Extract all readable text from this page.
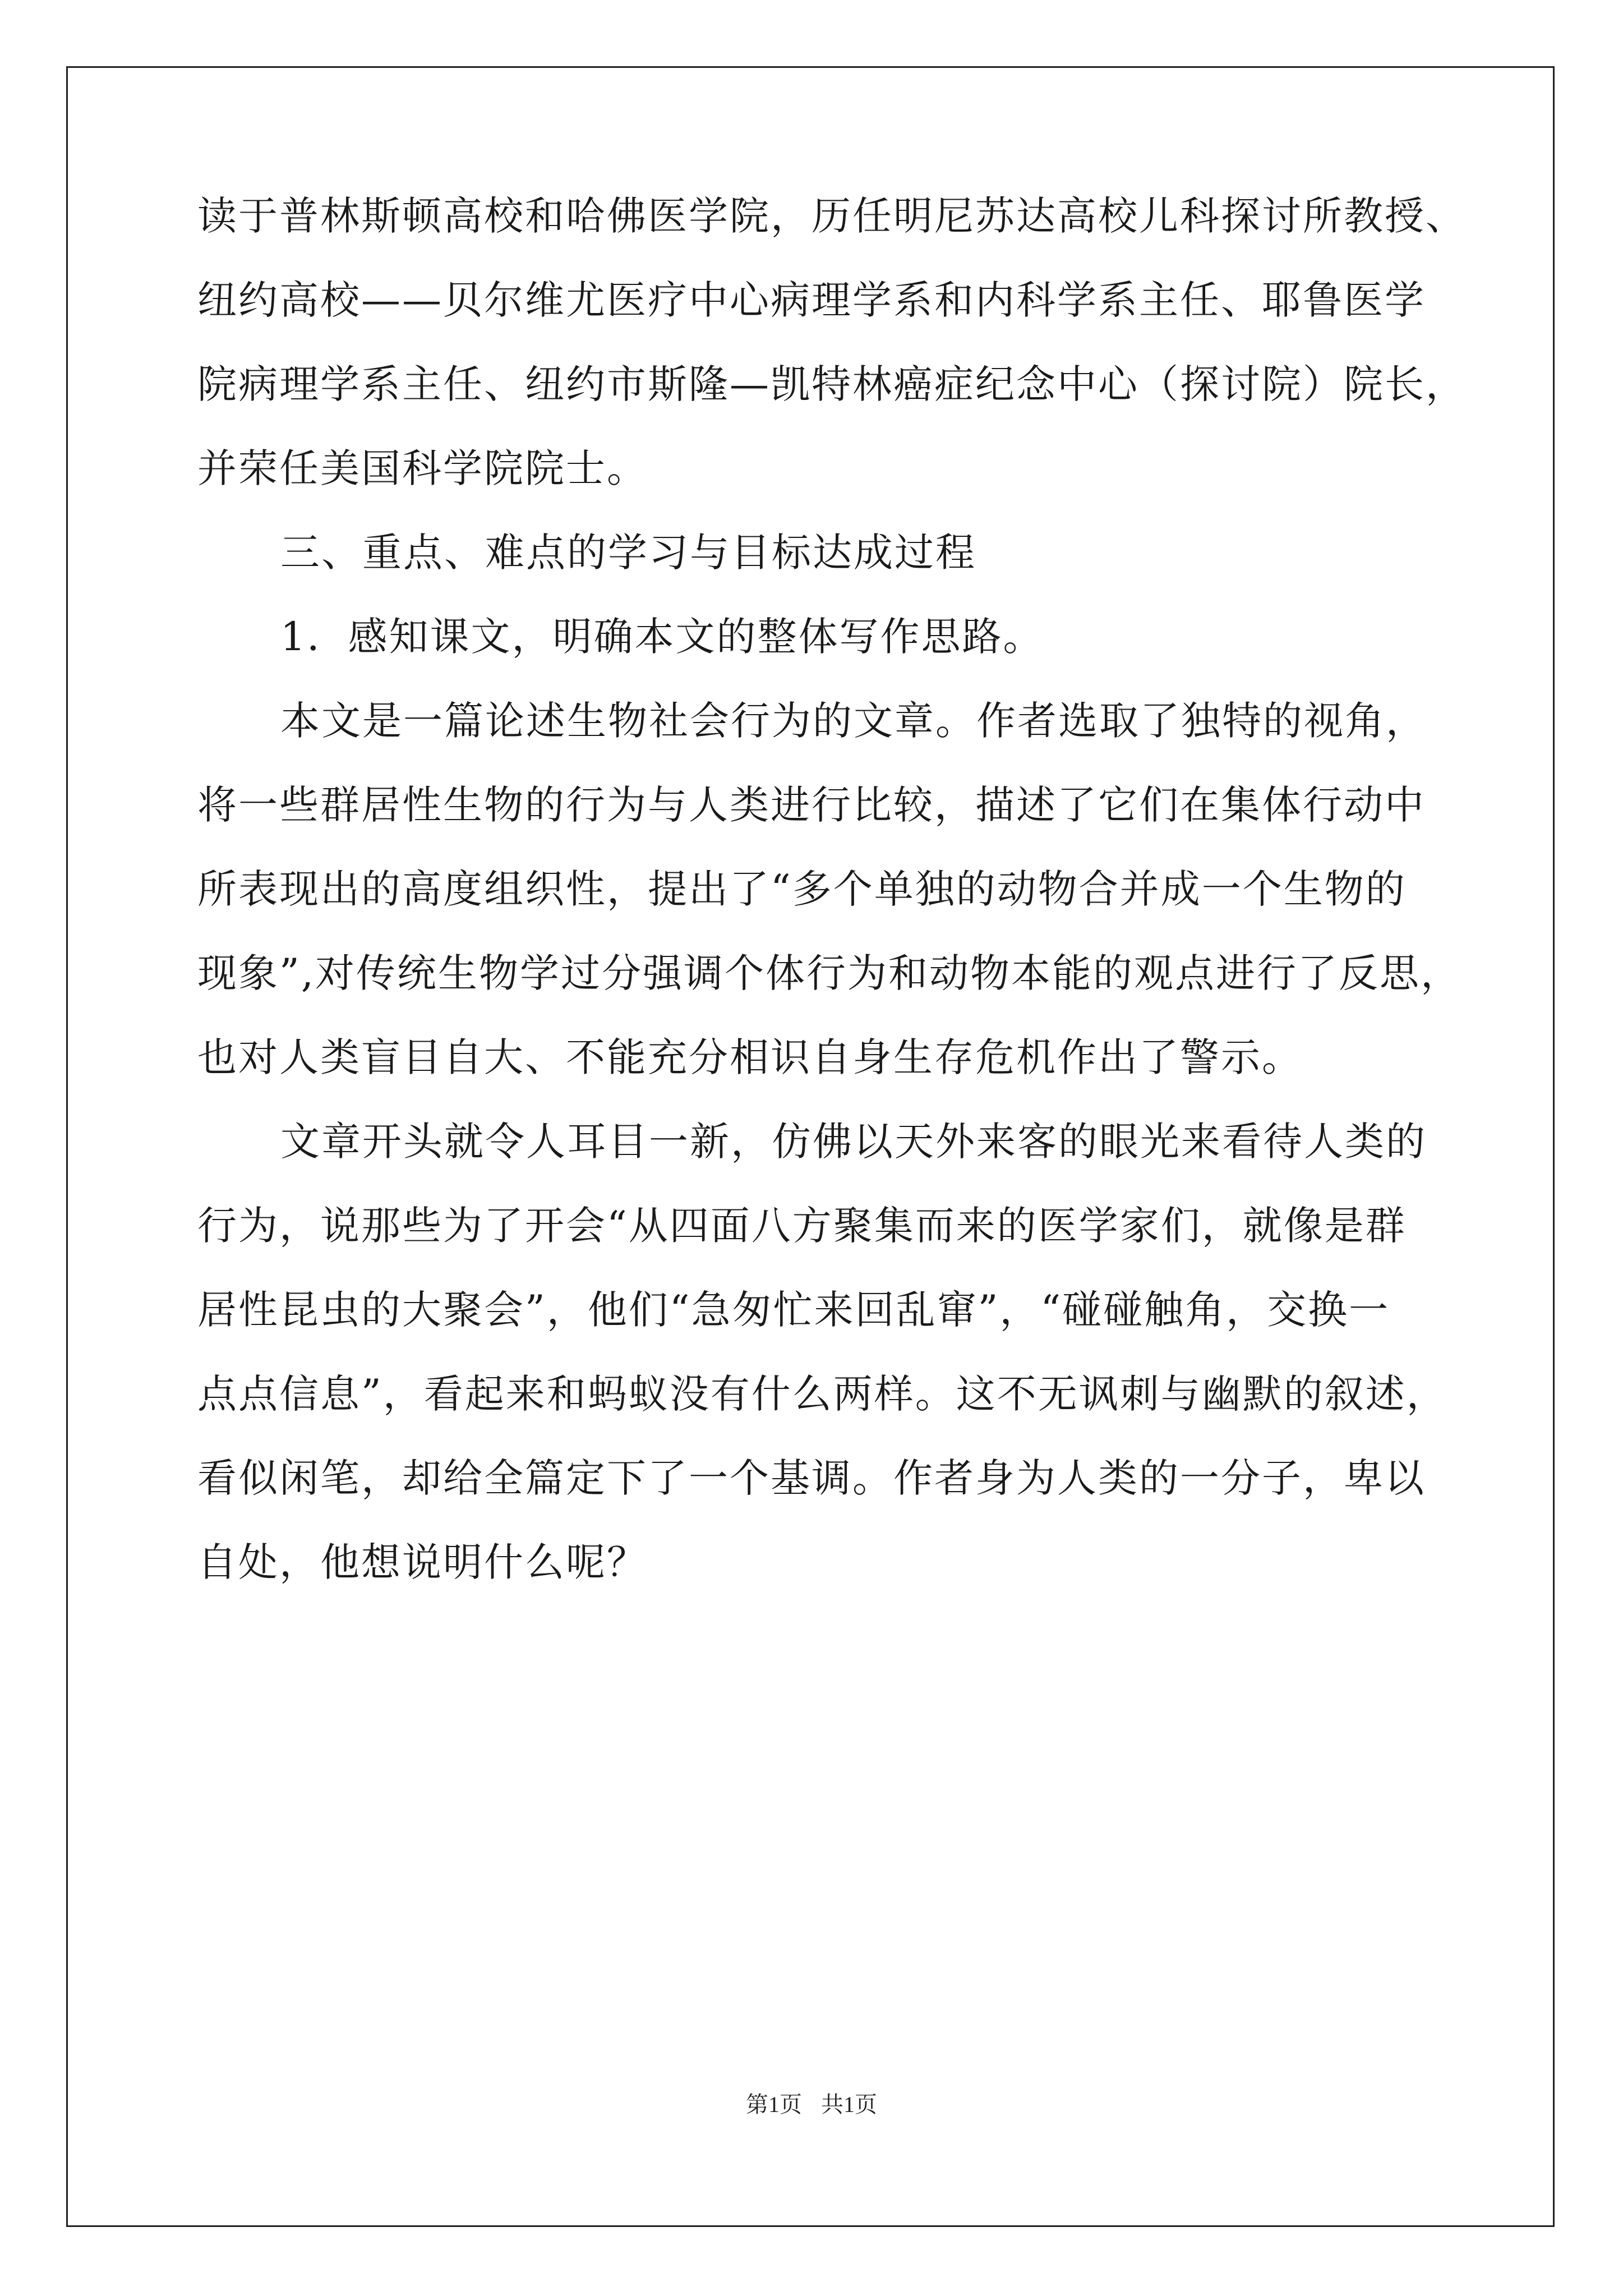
读于普林斯顿高校和哈佛医学院，历任明尼苏达高校儿科探讨所教授、
纽约高校——贝尔维尤医疗中心病理学系和内科学系主任、耶鲁医学
院病理学系主任、纽约市斯隆—凯特林癌症纪念中心（探讨院）院长，
并荣任美国科学院院士。
三、重点、难点的学习与目标达成过程
1．感知课文，明确本文的整体写作思路。
本文是一篇论述生物社会行为的文章。作者选取了独特的视角，
将一些群居性生物的行为与人类进行比较，描述了它们在集体行动中
所表现出的高度组织性，提出了“多个单独的动物合并成一个生物的
现象”,对传统生物学过分强调个体行为和动物本能的观点进行了反思，
也对人类盲目自大、不能充分相识自身生存危机作出了警示。
文章开头就令人耳目一新，仿佛以天外来客的眼光来看待人类的
行为，说那些为了开会“从四面八方聚集而来的医学家们，就像是群
居性昆虫的大聚会”，他们“急匆忙来回乱窜”，“碰碰触角，交换一
点点信息”，看起来和蚂蚁没有什么两样。这不无讽刺与幽默的叙述，
看似闲笔，却给全篇定下了一个基调。作者身为人类的一分子，卑以
自处，他想说明什么呢？
第1页 共1页
